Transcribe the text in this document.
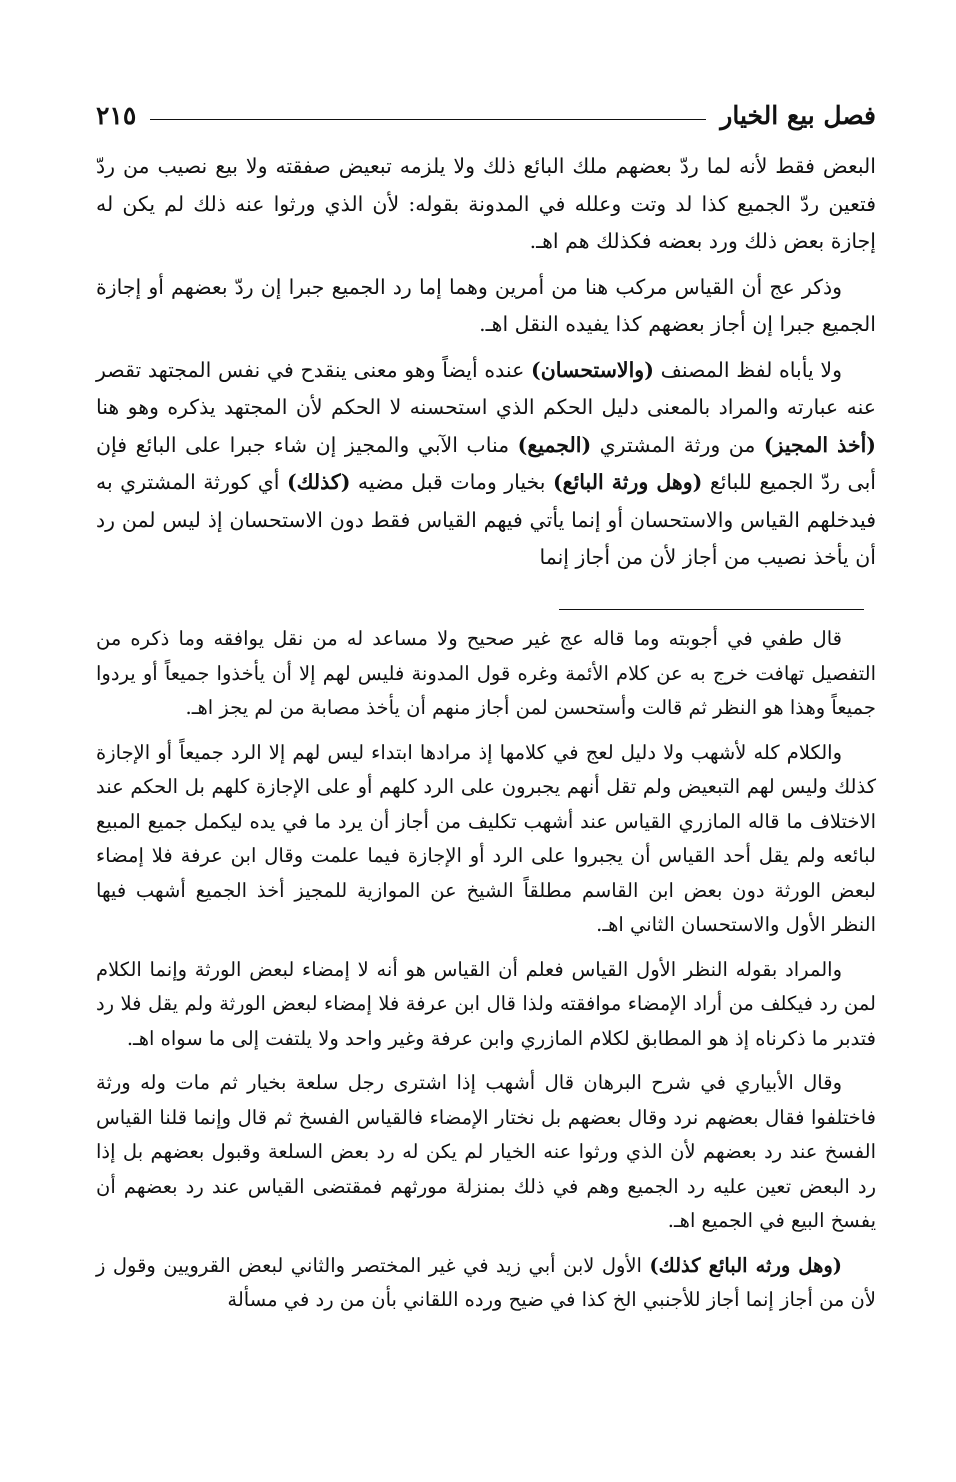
فصل بيع الخيار
٢١٥

البعض فقط لأنه لما ردّ بعضهم ملك البائع ذلك ولا يلزمه تبعيض صفقته ولا بيع نصيب من ردّ فتعين ردّ الجميع كذا لد وتت وعلله في المدونة بقوله: لأن الذي ورثوا عنه ذلك لم يكن له إجازة بعض ذلك ورد بعضه فكذلك هم اهـ.

وذكر عج أن القياس مركب هنا من أمرين وهما إما رد الجميع جبرا إن ردّ بعضهم أو إجازة الجميع جبرا إن أجاز بعضهم كذا يفيده النقل اهـ.

ولا يأباه لفظ المصنف (والاستحسان) عنده أيضاً وهو معنى ينقدح في نفس المجتهد تقصر عنه عبارته والمراد بالمعنى دليل الحكم الذي استحسنه لا الحكم لأن المجتهد يذكره وهو هنا (أخذ المجيز) من ورثة المشتري (الجميع) مناب الآبي والمجيز إن شاء جبرا على البائع فإن أبى ردّ الجميع للبائع (وهل ورثة البائع) بخيار ومات قبل مضيه (كذلك) أي كورثة المشتري به فيدخلهم القياس والاستحسان أو إنما يأتي فيهم القياس فقط دون الاستحسان إذ ليس لمن رد أن يأخذ نصيب من أجاز لأن من أجاز إنما

قال طفي في أجوبته وما قاله عج غير صحيح ولا مساعد له من نقل يوافقه وما ذكره من التفصيل تهافت خرج به عن كلام الأئمة وغره قول المدونة فليس لهم إلا أن يأخذوا جميعاً أو يردوا جميعاً وهذا هو النظر ثم قالت وأستحسن لمن أجاز منهم أن يأخذ مصابة من لم يجز اهـ.

والكلام كله لأشهب ولا دليل لعج في كلامها إذ مرادها ابتداء ليس لهم إلا الرد جميعاً أو الإجازة كذلك وليس لهم التبعيض ولم تقل أنهم يجبرون على الرد كلهم أو على الإجازة كلهم بل الحكم عند الاختلاف ما قاله المازري القياس عند أشهب تكليف من أجاز أن يرد ما في يده ليكمل جميع المبيع لبائعه ولم يقل أحد القياس أن يجبروا على الرد أو الإجازة فيما علمت وقال ابن عرفة فلا إمضاء لبعض الورثة دون بعض ابن القاسم مطلقاً الشيخ عن الموازية للمجيز أخذ الجميع أشهب فيها النظر الأول والاستحسان الثاني اهـ.

والمراد بقوله النظر الأول القياس فعلم أن القياس هو أنه لا إمضاء لبعض الورثة وإنما الكلام لمن رد فيكلف من أراد الإمضاء موافقته ولذا قال ابن عرفة فلا إمضاء لبعض الورثة ولم يقل فلا رد فتدبر ما ذكرناه إذ هو المطابق لكلام المازري وابن عرفة وغير واحد ولا يلتفت إلى ما سواه اهـ.

وقال الأبياري في شرح البرهان قال أشهب إذا اشترى رجل سلعة بخيار ثم مات وله ورثة فاختلفوا فقال بعضهم نرد وقال بعضهم بل نختار الإمضاء فالقياس الفسخ ثم قال وإنما قلنا القياس الفسخ عند رد بعضهم لأن الذي ورثوا عنه الخيار لم يكن له رد بعض السلعة وقبول بعضهم بل إذا رد البعض تعين عليه رد الجميع وهم في ذلك بمنزلة مورثهم فمقتضى القياس عند رد بعضهم أن يفسخ البيع في الجميع اهـ.

(وهل ورثه البائع كذلك) الأول لابن أبي زيد في غير المختصر والثاني لبعض القرويين وقول ز لأن من أجاز إنما أجاز للأجنبي الخ كذا في ضيح ورده اللقاني بأن من رد في مسألة
